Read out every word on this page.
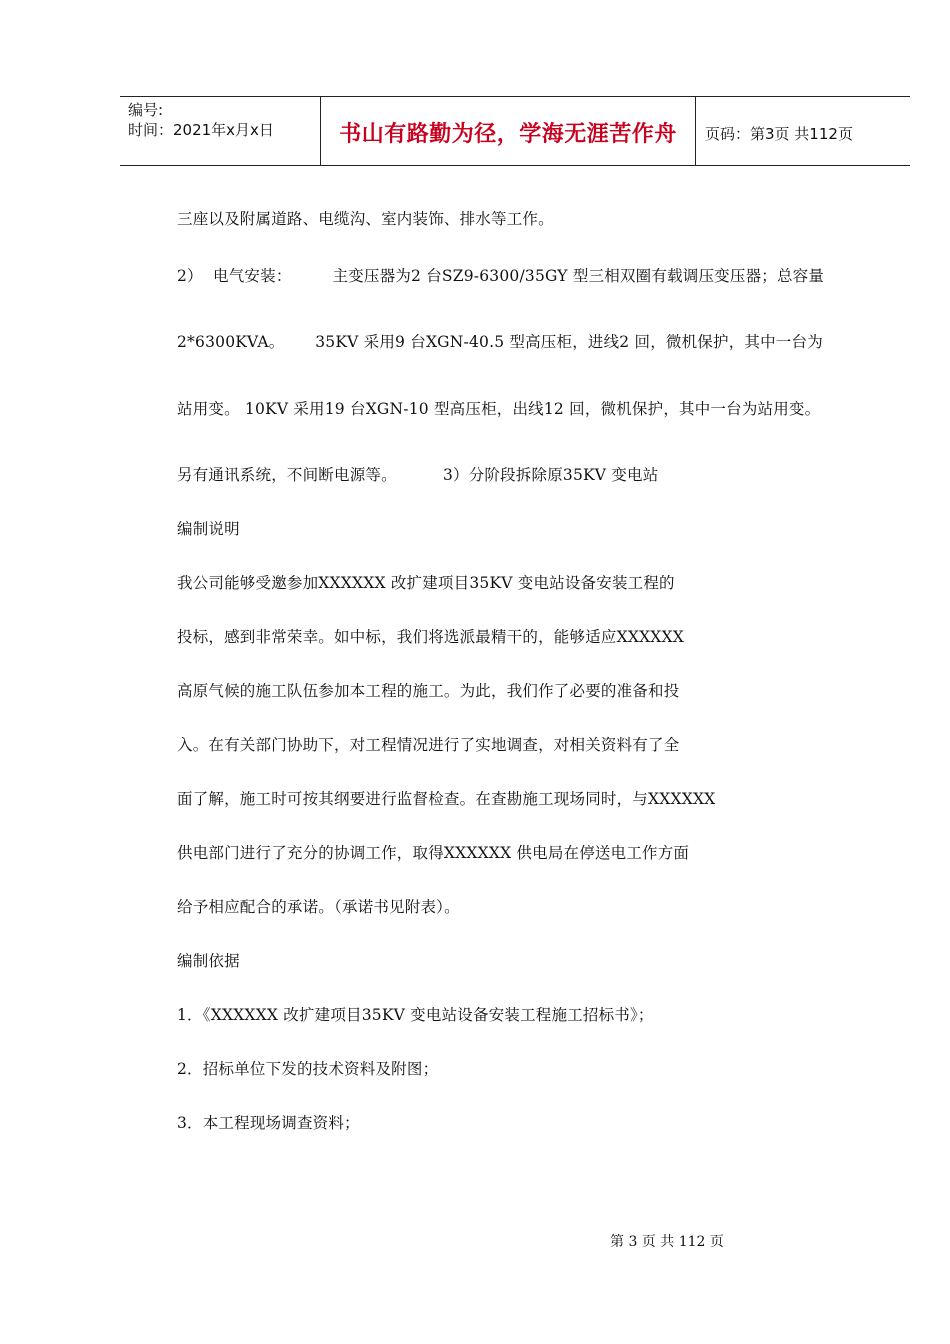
编号:
时间：2021年x月x日	书山有路勤为径，学海无涯苦作舟	页码：第3页 共112页
三座以及附属道路、电缆沟、室内装饰、排水等工作。
2）  电气安装：        主变压器为2 台SZ9-6300/35GY 型三相双圈有载调压变压器；总容量
2*6300KVA。      35KV 采用9 台XGN-40.5 型高压柜，进线2 回，微机保护，其中一台为
站用变。 10KV 采用19 台XGN-10 型高压柜，出线12 回，微机保护，其中一台为站用变。
另有通讯系统，不间断电源等。         3）分阶段拆除原35KV 变电站
编制说明
我公司能够受邀参加XXXXXX 改扩建项目35KV 变电站设备安装工程的
投标，感到非常荣幸。如中标，我们将选派最精干的，能够适应XXXXXX
高原气候的施工队伍参加本工程的施工。为此，我们作了必要的准备和投
入。在有关部门协助下，对工程情况进行了实地调查，对相关资料有了全
面了解，施工时可按其纲要进行监督检查。在查勘施工现场同时，与XXXXXX
供电部门进行了充分的协调工作，取得XXXXXX 供电局在停送电工作方面
给予相应配合的承诺。（承诺书见附表）。
编制依据
1．《XXXXXX 改扩建项目35KV 变电站设备安装工程施工招标书》；
2．招标单位下发的技术资料及附图；
3．本工程现场调查资料；
第 3 页 共 112 页
